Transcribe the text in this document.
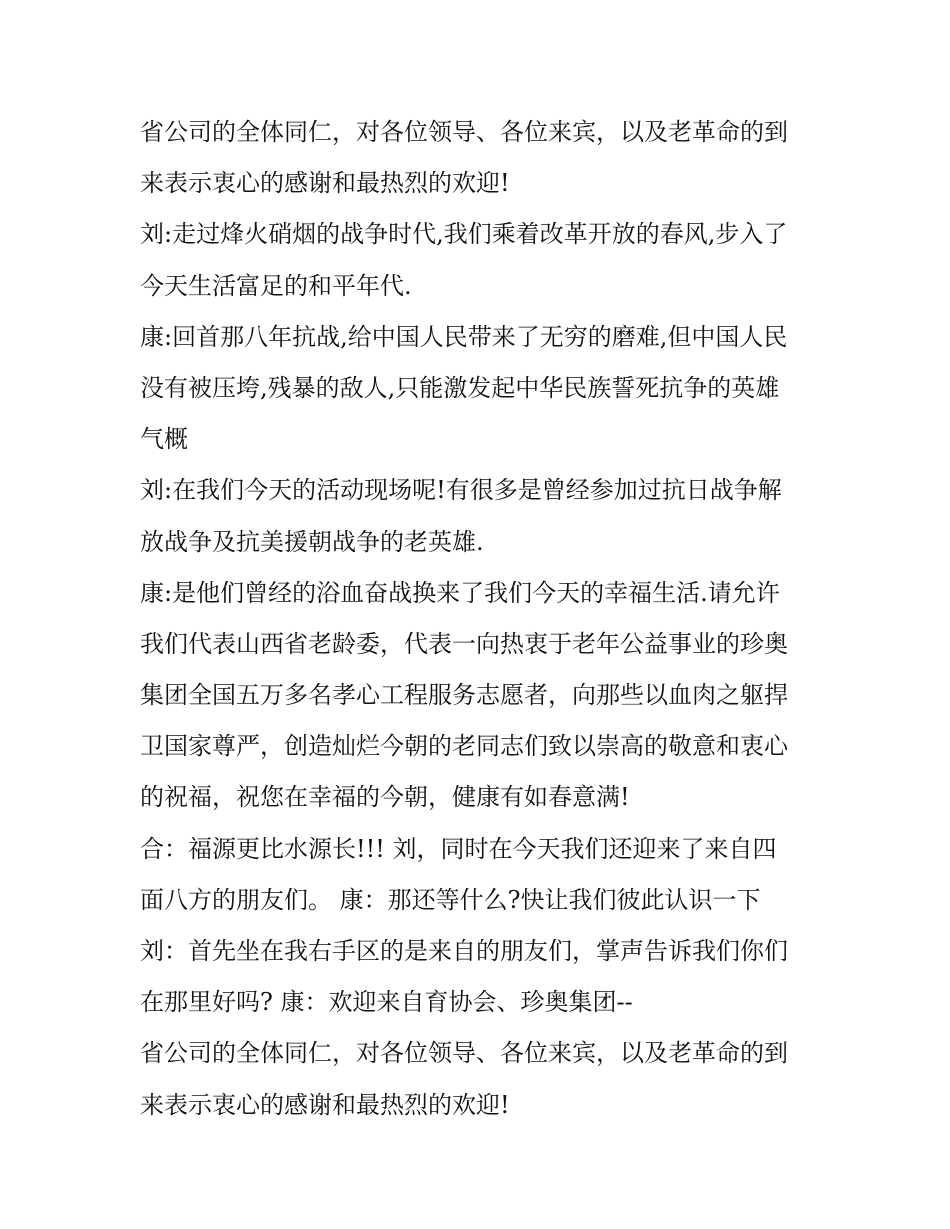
省公司的全体同仁，对各位领导、各位来宾，以及老革命的到
来表示衷心的感谢和最热烈的欢迎!
刘:走过烽火硝烟的战争时代,我们乘着改革开放的春风,步入了
今天生活富足的和平年代.
康:回首那八年抗战,给中国人民带来了无穷的磨难,但中国人民
没有被压垮,残暴的敌人,只能激发起中华民族誓死抗争的英雄
气概
刘:在我们今天的活动现场呢!有很多是曾经参加过抗日战争解
放战争及抗美援朝战争的老英雄.
康:是他们曾经的浴血奋战换来了我们今天的幸福生活.请允许
我们代表山西省老龄委，代表一向热衷于老年公益事业的珍奥
集团全国五万多名孝心工程服务志愿者，向那些以血肉之躯捍
卫国家尊严，创造灿烂今朝的老同志们致以崇高的敬意和衷心
的祝福，祝您在幸福的今朝，健康有如春意满!
合：福源更比水源长!!! 刘，同时在今天我们还迎来了来自四
面八方的朋友们。 康：那还等什么?快让我们彼此认识一下
刘：首先坐在我右手区的是来自的朋友们，掌声告诉我们你们
在那里好吗? 康：欢迎来自育协会、珍奥集团--
省公司的全体同仁，对各位领导、各位来宾，以及老革命的到
来表示衷心的感谢和最热烈的欢迎!
